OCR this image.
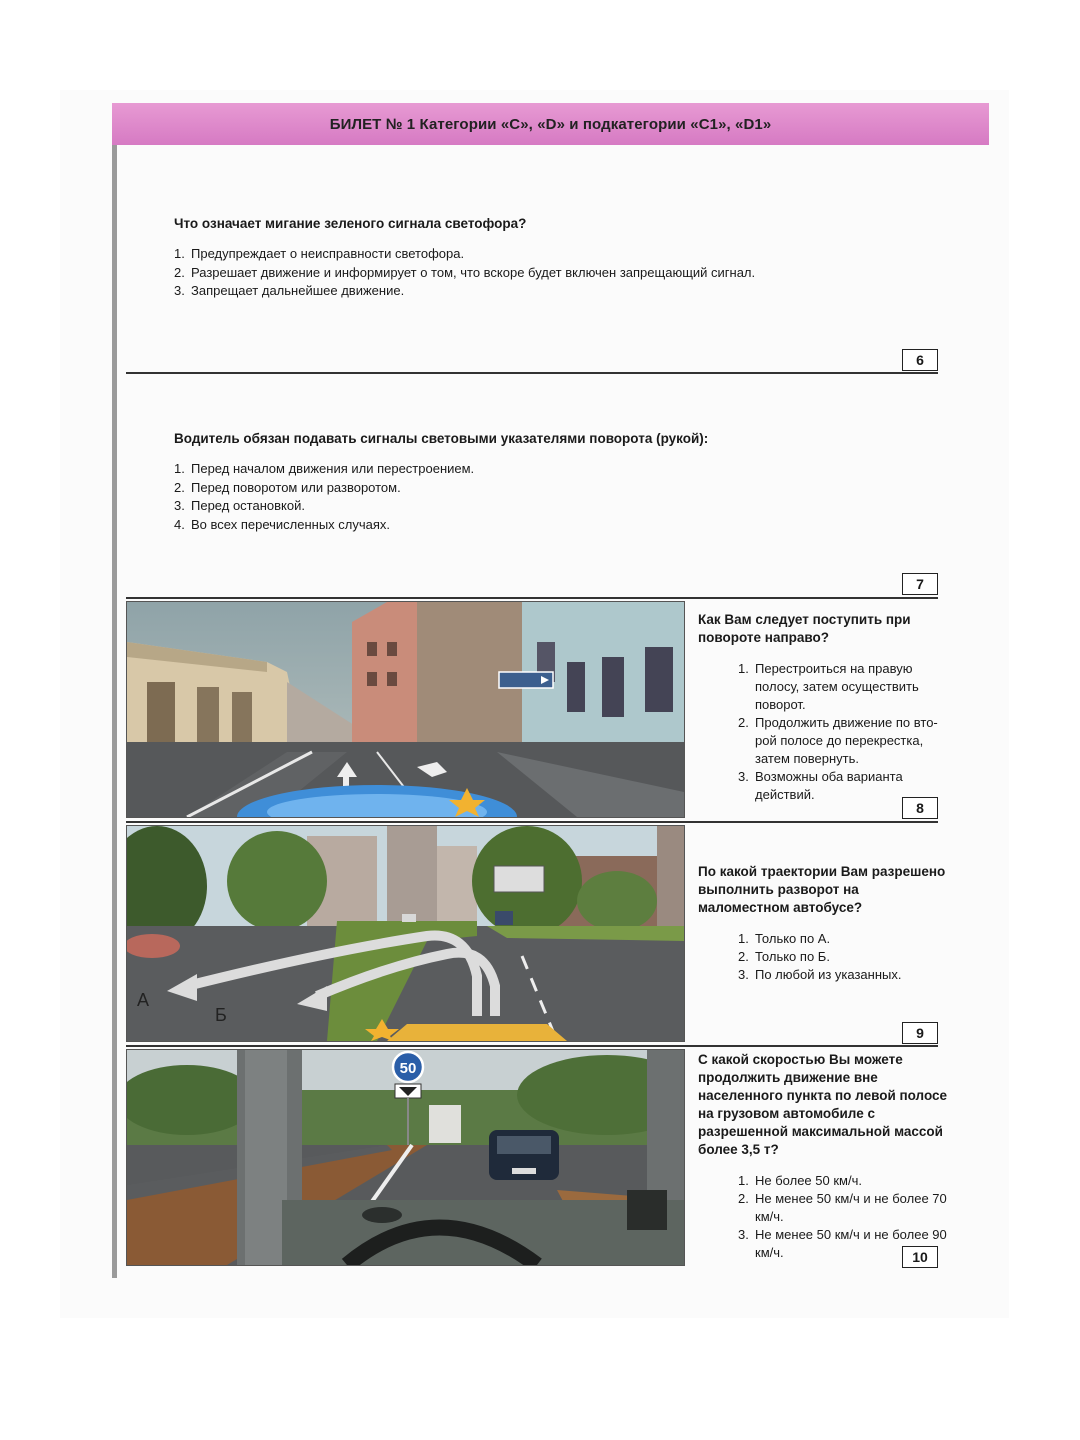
БИЛЕТ № 1 Категории «С», «D» и подкатегории «С1», «D1»
Что означает мигание зеленого сигнала светофора?
1. Предупреждает о неисправности светофора.
2. Разрешает движение и информирует о том, что вскоре будет включен запрещающий сигнал.
3. Запрещает дальнейшее движение.
6
Водитель обязан подавать сигналы световыми указателями поворота (рукой):
1. Перед началом движения или перестроением.
2. Перед поворотом или разворотом.
3. Перед остановкой.
4. Во всех перечисленных случаях.
7
Как Вам следует поступить при повороте направо?
1. Перестроиться на правую полосу, затем осуществить поворот.
2. Продолжить движение по вто-рой полосе до перекрестка, затем повернуть.
3. Возможны оба варианта действий.
8
А
Б
По какой траектории Вам разрешено выполнить разворот на маломестном автобусе?
1. Только по А.
2. Только по Б.
3. По любой из указанных.
9
50
С какой скоростью Вы можете продолжить движение вне населенного пункта по левой полосе на грузовом автомобиле с разрешенной максимальной массой более 3,5 т?
1. Не более 50 км/ч.
2. Не менее 50 км/ч и не более 70 км/ч.
3. Не менее 50 км/ч и не более 90 км/ч.	10
